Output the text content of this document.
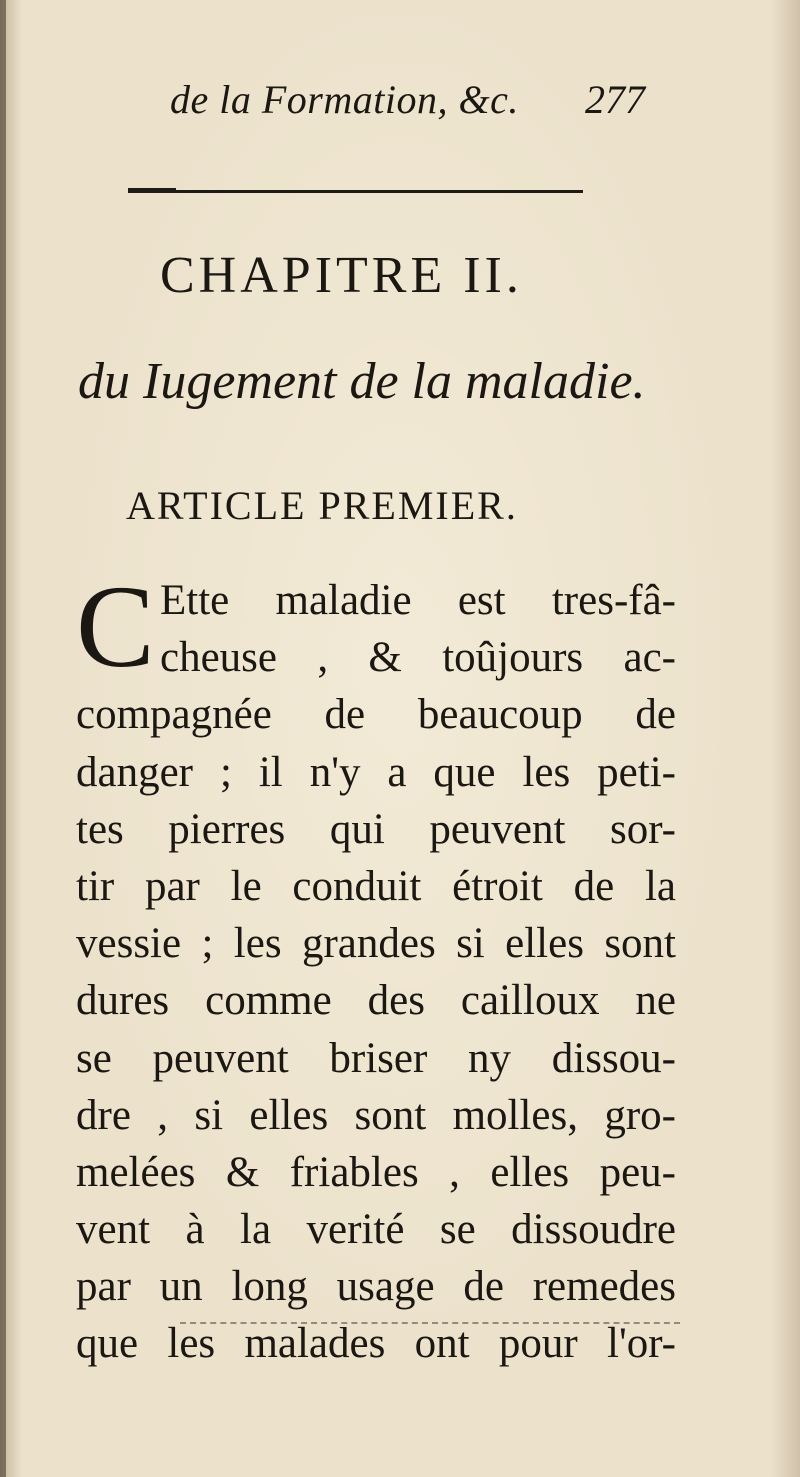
de la Formation, &c. 277
CHAPITRE II.
du Iugement de la maladie.
ARTICLE PREMIER.
C Ette maladie est tres-fâ-
cheuse , & toûjours ac-
compagnée de beaucoup de
danger ; il n'y a que les peti-
tes pierres qui peuvent sor-
tir par le conduit étroit de la
vessie ; les grandes si elles sont
dures comme des cailloux ne
se peuvent briser ny dissou-
dre , si elles sont molles, gro-
melées & friables , elles peu-
vent à la verité se dissoudre
par un long usage de remedes
que les malades ont pour l'or-
